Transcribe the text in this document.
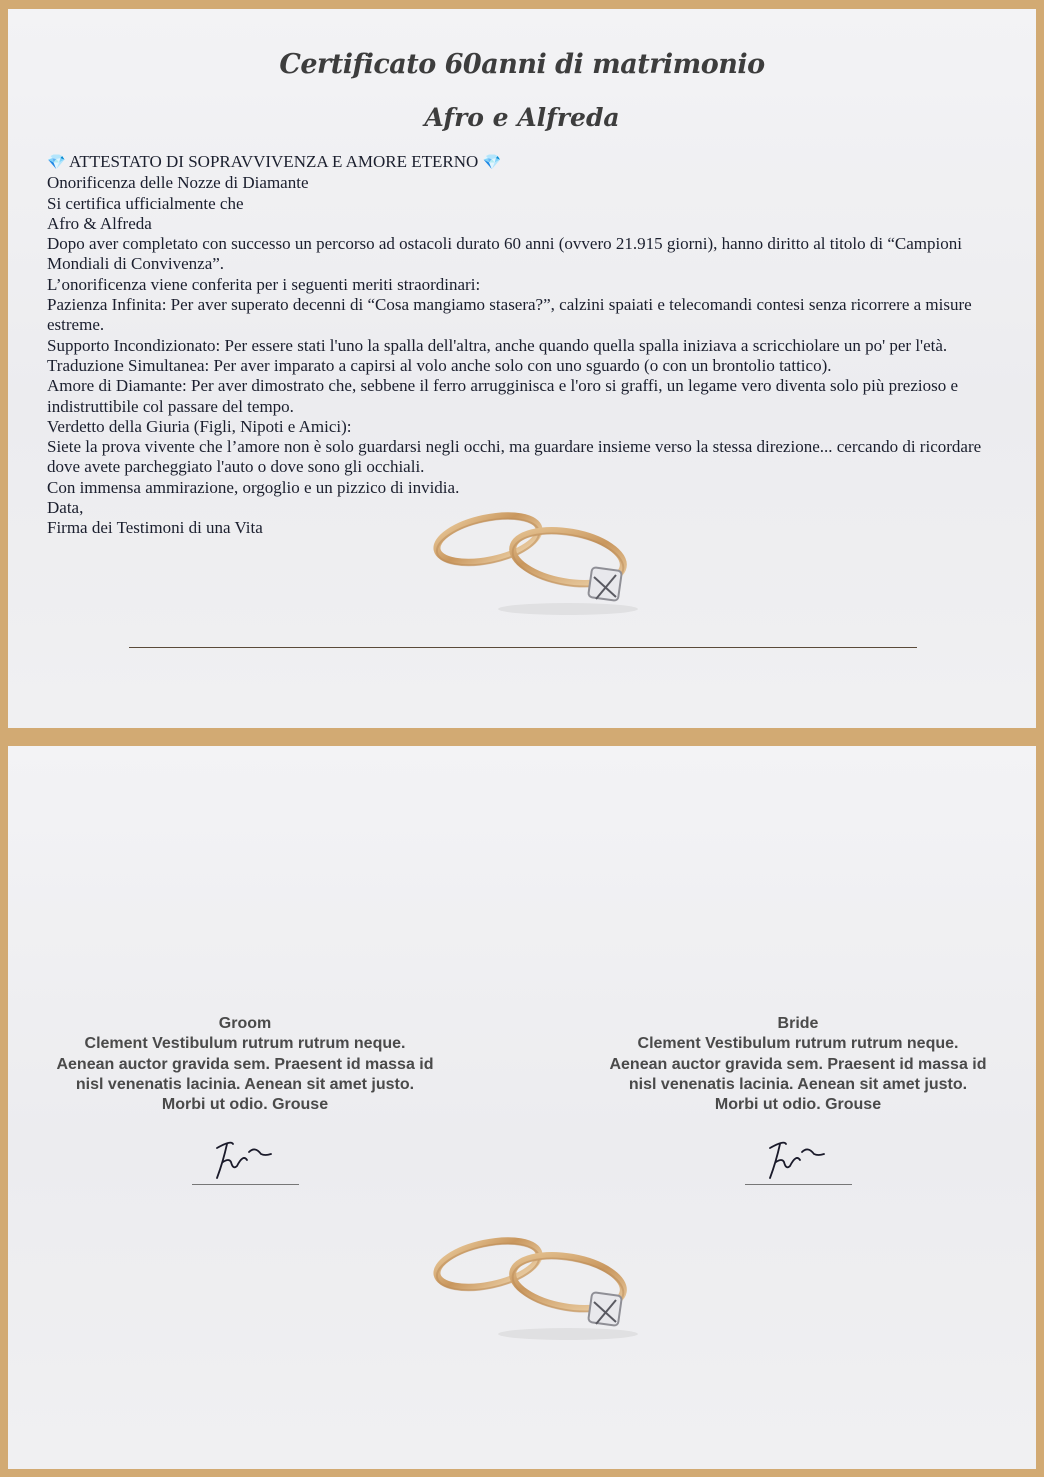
Certificato 60anni di matrimonio
Afro e Alfreda
💎 ATTESTATO DI SOPRAVVIVENZA E AMORE ETERNO 💎
Onorificenza delle Nozze di Diamante
Si certifica ufficialmente che
Afro & Alfreda
Dopo aver completato con successo un percorso ad ostacoli durato 60 anni (ovvero 21.915 giorni), hanno diritto al titolo di “Campioni Mondiali di Convivenza”.
L’onorificenza viene conferita per i seguenti meriti straordinari:
Pazienza Infinita: Per aver superato decenni di “Cosa mangiamo stasera?”, calzini spaiati e telecomandi contesi senza ricorrere a misure estreme.
Supporto Incondizionato: Per essere stati l'uno la spalla dell'altra, anche quando quella spalla iniziava a scricchiolare un po' per l'età.
Traduzione Simultanea: Per aver imparato a capirsi al volo anche solo con uno sguardo (o con un brontolio tattico).
Amore di Diamante: Per aver dimostrato che, sebbene il ferro arrugginisca e l'oro si graffi, un legame vero diventa solo più prezioso e indistruttibile col passare del tempo.
Verdetto della Giuria (Figli, Nipoti e Amici):
Siete la prova vivente che l’amore non è solo guardarsi negli occhi, ma guardare insieme verso la stessa direzione... cercando di ricordare dove avete parcheggiato l'auto o dove sono gli occhiali.
Con immensa ammirazione, orgoglio e un pizzico di invidia.
Data,
Firma dei Testimoni di una Vita
Groom
Clement Vestibulum rutrum rutrum neque. Aenean auctor gravida sem. Praesent id massa id nisl venenatis lacinia. Aenean sit amet justo. Morbi ut odio. Grouse
Bride
Clement Vestibulum rutrum rutrum neque. Aenean auctor gravida sem. Praesent id massa id nisl venenatis lacinia. Aenean sit amet justo. Morbi ut odio. Grouse
